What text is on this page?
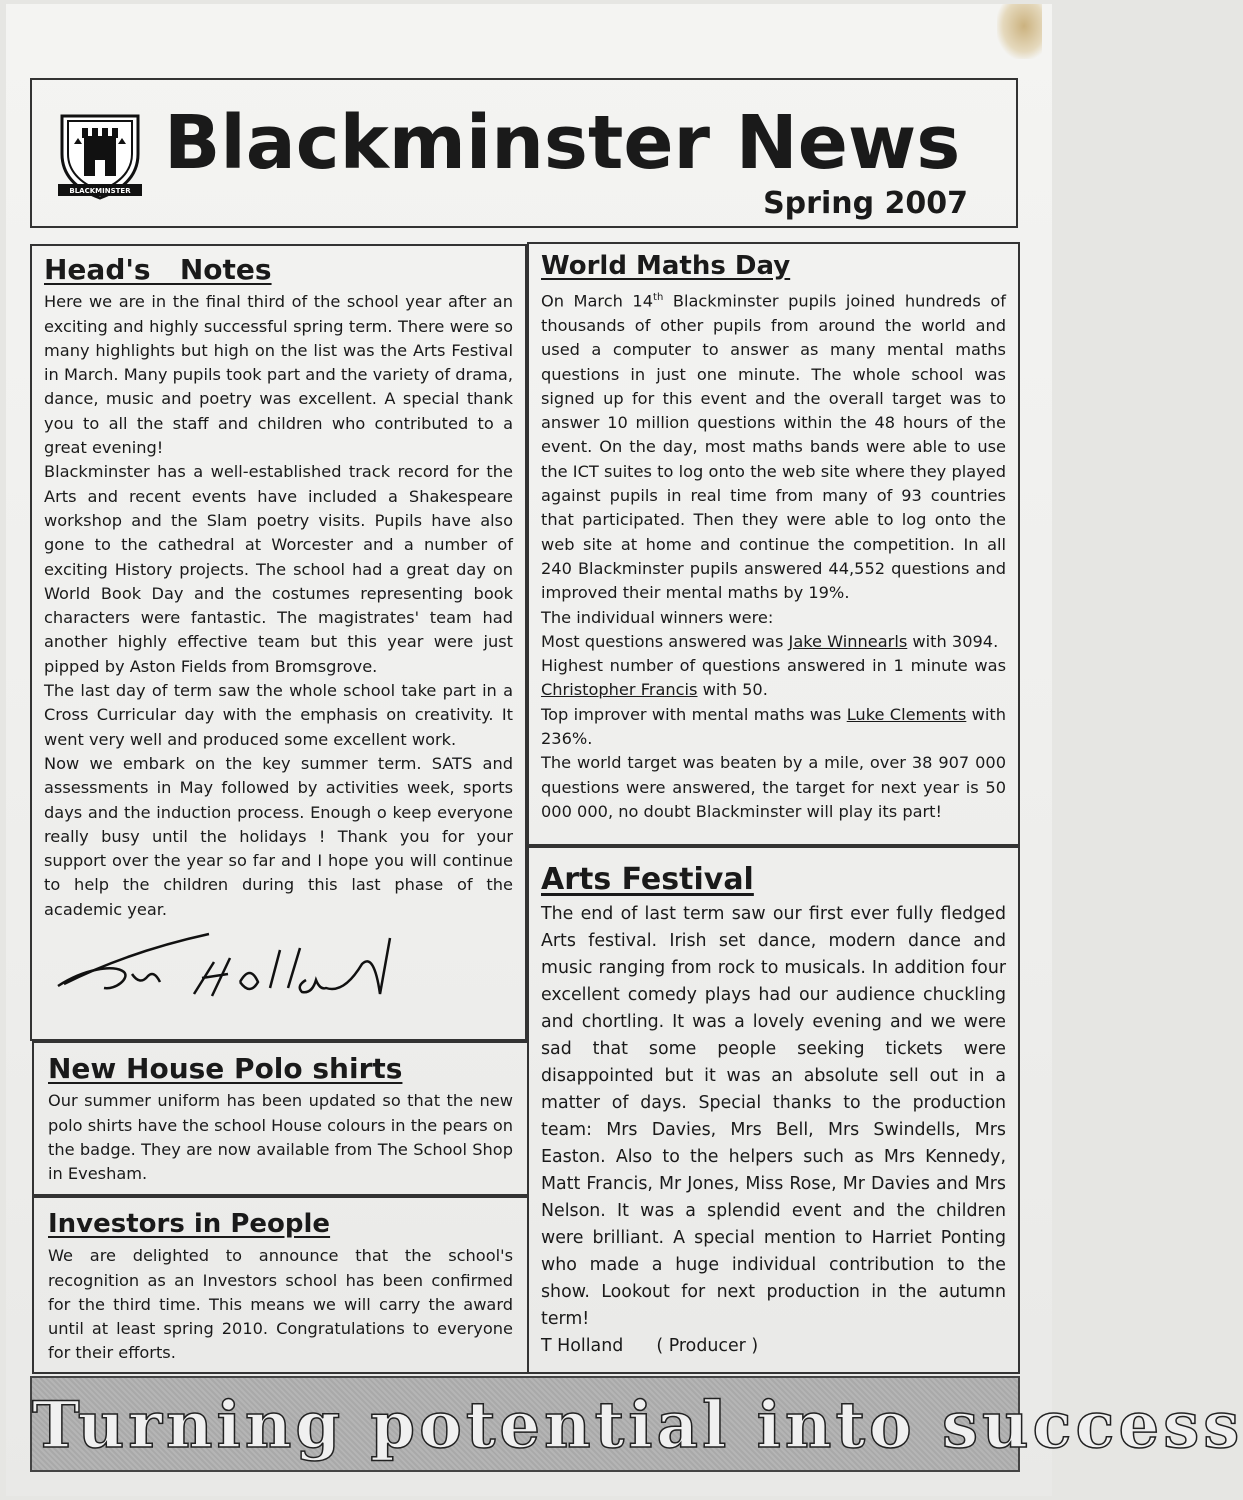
BLACKMINSTER
Blackminster News
Spring 2007
Head's   Notes

Here we are in the final third of the school year after an exciting and highly successful spring term. There were so many highlights but high on the list was the Arts Festival in March. Many pupils took part and the variety of drama, dance, music and poetry was excellent. A special thank you to all the staff and children who contributed to a great evening!

Blackminster has a well-established track record for the Arts and recent events have included a Shakespeare workshop and the Slam poetry visits. Pupils have also gone to the cathedral at Worcester and a number of exciting History projects. The school had a great day on World Book Day and the costumes representing book characters were fantastic. The magistrates' team had another highly effective team but this year were just pipped by Aston Fields from Bromsgrove.

The last day of term saw the whole school take part in a Cross Curricular day with the emphasis on creativity. It went very well and produced some excellent work.

Now we embark on the key summer term. SATS and assessments in May followed by activities week, sports days and the induction process. Enough o keep everyone really busy until the holidays ! Thank you for your support over the year so far and I hope you will continue to help the children during this last phase of the academic year.

New House Polo shirts

Our summer uniform has been updated so that the new polo shirts have the school House colours in the pears on the badge. They are now available from The School Shop in Evesham.

Investors in People

We are delighted to announce that the school's recognition as an Investors school has been confirmed for the third time. This means we will carry the award until at least spring 2010. Congratulations to everyone for their efforts.

World Maths Day

On March 14th Blackminster pupils joined hundreds of thousands of other pupils from around the world and used a computer to answer as many mental maths questions in just one minute. The whole school was signed up for this event and the overall target was to answer 10 million questions within the 48 hours of the event. On the day, most maths bands were able to use the ICT suites to log onto the web site where they played against pupils in real time from many of 93 countries that participated. Then they were able to log onto the web site at home and continue the competition. In all 240 Blackminster pupils answered 44,552 questions and improved their mental maths by 19%.

The individual winners were:

Most questions answered was Jake Winnearls with 3094.

Highest number of questions answered in 1 minute was Christopher Francis with 50.

Top improver with mental maths was Luke Clements with 236%.

The world target was beaten by a mile, over 38 907 000 questions were answered, the target for next year is 50 000 000, no doubt Blackminster will play its part!

Arts Festival

The end of last term saw our first ever fully fledged Arts festival. Irish set dance, modern dance and music ranging from rock to musicals. In addition four excellent comedy plays had our audience chuckling and chortling. It was a lovely evening and we were sad that some people seeking tickets were disappointed but it was an absolute sell out in a matter of days. Special thanks to the production team: Mrs Davies, Mrs Bell, Mrs Swindells, Mrs Easton. Also to the helpers such as Mrs Kennedy, Matt Francis, Mr Jones, Miss Rose, Mr Davies and Mrs Nelson. It was a splendid event and the children were brilliant. A special mention to Harriet Ponting who made a huge individual contribution to the show. Lookout for next production in the autumn term!

T Holland      ( Producer )

Turning potential into success
